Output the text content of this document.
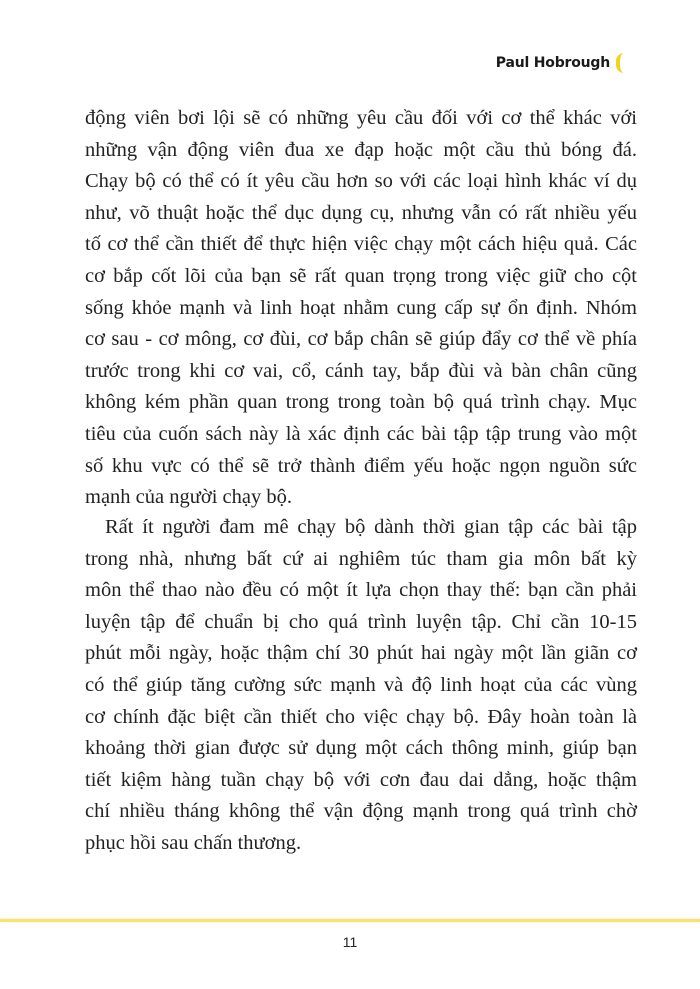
Paul Hobrough
động viên bơi lội sẽ có những yêu cầu đối với cơ thể khác với
những vận động viên đua xe đạp hoặc một cầu thủ bóng đá.
Chạy bộ có thể có ít yêu cầu hơn so với các loại hình khác ví dụ
như, võ thuật hoặc thể dục dụng cụ, nhưng vẫn có rất nhiều yếu
tố cơ thể cần thiết để thực hiện việc chạy một cách hiệu quả. Các
cơ bắp cốt lõi của bạn sẽ rất quan trọng trong việc giữ cho cột
sống khỏe mạnh và linh hoạt nhằm cung cấp sự ổn định. Nhóm
cơ sau - cơ mông, cơ đùi, cơ bắp chân sẽ giúp đẩy cơ thể về phía
trước trong khi cơ vai, cổ, cánh tay, bắp đùi và bàn chân cũng
không kém phần quan trong trong toàn bộ quá trình chạy. Mục
tiêu của cuốn sách này là xác định các bài tập tập trung vào một
số khu vực có thể sẽ trở thành điểm yếu hoặc ngọn nguồn sức
mạnh của người chạy bộ.
Rất ít người đam mê chạy bộ dành thời gian tập các bài tập
trong nhà, nhưng bất cứ ai nghiêm túc tham gia môn bất kỳ
môn thể thao nào đều có một ít lựa chọn thay thế: bạn cần phải
luyện tập để chuẩn bị cho quá trình luyện tập. Chỉ cần 10-15
phút mỗi ngày, hoặc thậm chí 30 phút hai ngày một lần giãn cơ
có thể giúp tăng cường sức mạnh và độ linh hoạt của các vùng
cơ chính đặc biệt cần thiết cho việc chạy bộ. Đây hoàn toàn là
khoảng thời gian được sử dụng một cách thông minh, giúp bạn
tiết kiệm hàng tuần chạy bộ với cơn đau dai dẳng, hoặc thậm
chí nhiều tháng không thể vận động mạnh trong quá trình chờ
phục hồi sau chấn thương.
11
